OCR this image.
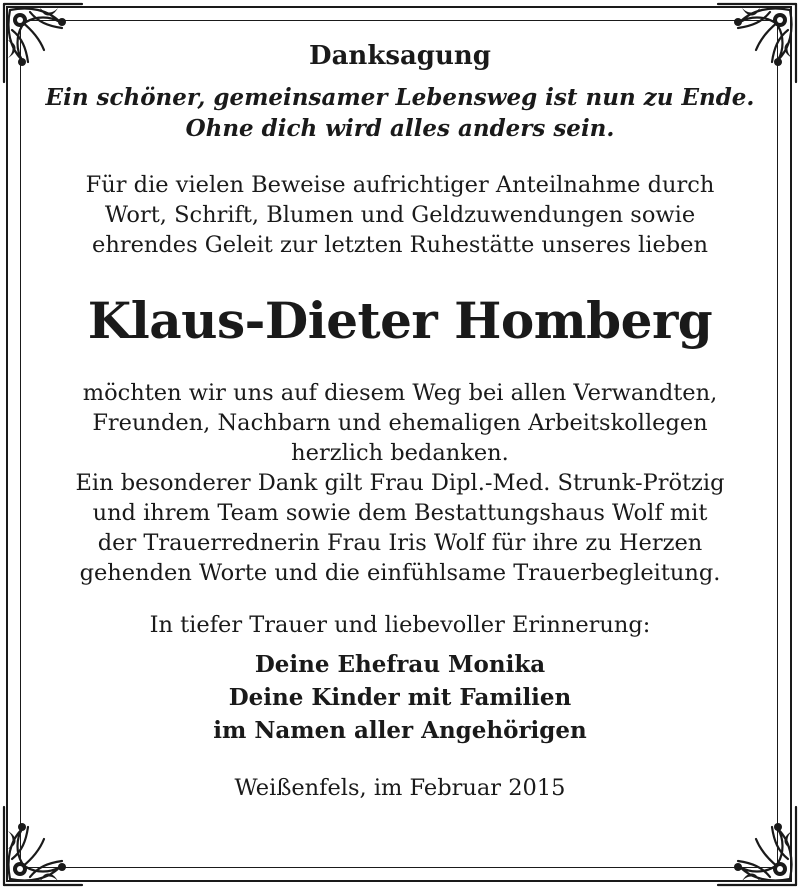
Danksagung

Ein schöner, gemeinsamer Lebensweg ist nun zu Ende.
Ohne dich wird alles anders sein.

Für die vielen Beweise aufrichtiger Anteilnahme durch
Wort, Schrift, Blumen und Geldzuwendungen sowie
ehrendes Geleit zur letzten Ruhestätte unseres lieben

Klaus-Dieter Homberg

möchten wir uns auf diesem Weg bei allen Verwandten,
Freunden, Nachbarn und ehemaligen Arbeitskollegen
herzlich bedanken.
Ein besonderer Dank gilt Frau Dipl.-Med. Strunk-Prötzig
und ihrem Team sowie dem Bestattungshaus Wolf mit
der Trauerrednerin Frau Iris Wolf für ihre zu Herzen
gehenden Worte und die einfühlsame Trauerbegleitung.

In tiefer Trauer und liebevoller Erinnerung:

Deine Ehefrau Monika
Deine Kinder mit Familien
im Namen aller Angehörigen

Weißenfels, im Februar 2015
